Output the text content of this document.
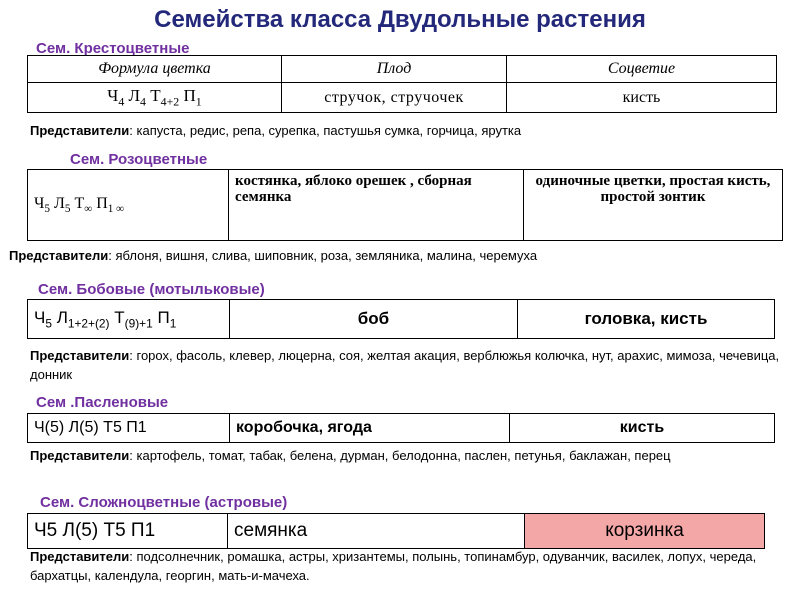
Семейства класса Двудольные растения
Сем. Крестоцветные
Формула цветка	Плод	Соцветие
$Ч_4$ $Л_4$ $Т_{4+2}$ $П_1$	стручок, стручочек	кисть
Представители: капуста, редис, репа, сурепка, пастушья сумка, горчица, ярутка
Сем. Розоцветные
$Ч_5$ $Л_5$ $Т_\infty$ $П_{1 \infty}$	костянка, яблоко орешек , сборная семянка	одиночные цветки, простая кисть, простой зонтик
Представители: яблоня, вишня, слива, шиповник, роза, земляника, малина, черемуха
Сем. Бобовые (мотыльковые)
$Ч_5$ $Л_{1+2+(2)}$ $Т_{(9)+1}$ $П_1$	боб	головка, кисть
Представители: горох, фасоль, клевер, люцерна, соя, желтая акация, верблюжья колючка, нут, арахис, мимоза, чечевица, донник
Сем .Пасленовые
Ч(5) Л(5) Т5 П1	коробочка, ягода	кисть
Представители: картофель, томат, табак, белена, дурман, белодонна, паслен, петунья, баклажан, перец
Сем. Сложноцветные (астровые)
Ч5 Л(5) Т5 П1	семянка	корзинка
Представители: подсолнечник, ромашка, астры, хризантемы, полынь, топинамбур, одуванчик, василек, лопух, череда, бархатцы, календула, георгин, мать-и-мачеха.
